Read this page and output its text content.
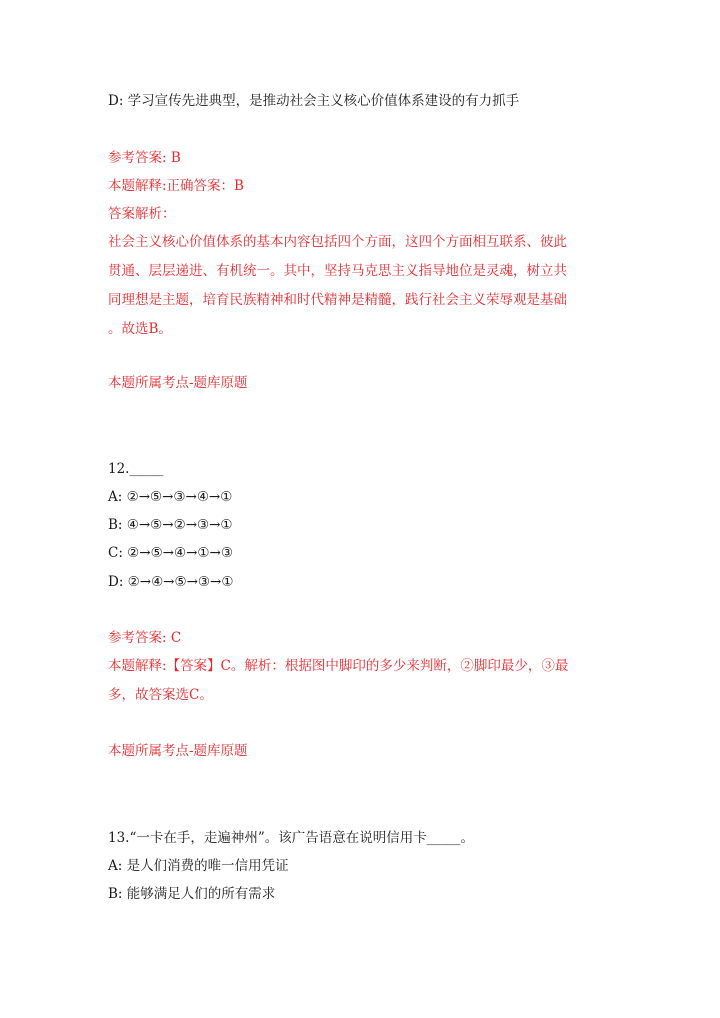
D: 学习宣传先进典型，是推动社会主义核心价值体系建设的有力抓手
参考答案: B
本题解释:正确答案：B
答案解析：
社会主义核心价值体系的基本内容包括四个方面，这四个方面相互联系、彼此
贯通、层层递进、有机统一。其中，坚持马克思主义指导地位是灵魂，树立共
同理想是主题，培育民族精神和时代精神是精髓，践行社会主义荣辱观是基础
。故选B。
本题所属考点-题库原题
12._____
A: ②→⑤→③→④→①
B: ④→⑤→②→③→①
C: ②→⑤→④→①→③
D: ②→④→⑤→③→①
参考答案: C
本题解释:【答案】C。解析：根据图中脚印的多少来判断，②脚印最少，③最
多，故答案选C。
本题所属考点-题库原题
13.“一卡在手，走遍神州”。该广告语意在说明信用卡_____。
A: 是人们消费的唯一信用凭证
B: 能够满足人们的所有需求
